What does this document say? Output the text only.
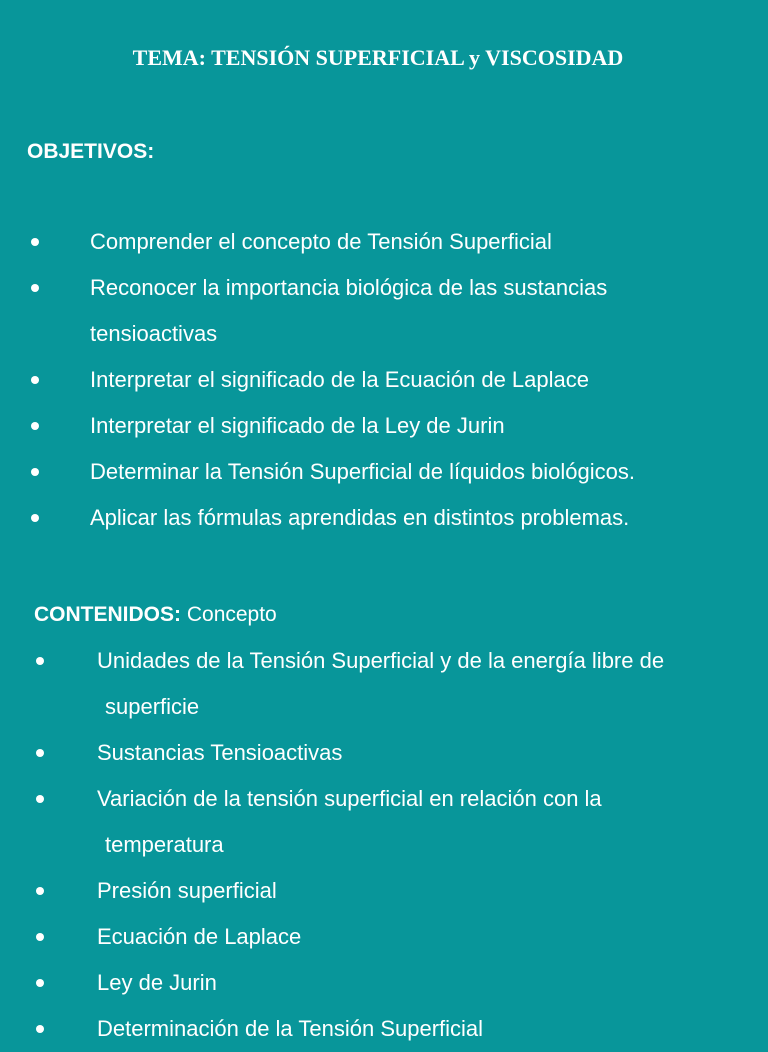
TEMA: TENSIÓN SUPERFICIAL y VISCOSIDAD
OBJETIVOS:
Comprender el concepto de Tensión Superficial
Reconocer la importancia biológica de las sustancias
tensioactivas
Interpretar el significado de la Ecuación de Laplace
Interpretar el significado de la Ley de Jurin
Determinar la Tensión Superficial de líquidos biológicos.
Aplicar las fórmulas aprendidas en distintos problemas.
CONTENIDOS: Concepto
Unidades de la Tensión Superficial y de la energía libre de
superficie
Sustancias Tensioactivas
Variación de la tensión superficial en relación con la
temperatura
Presión superficial
Ecuación de Laplace
Ley de Jurin
Determinación de la Tensión Superficial
